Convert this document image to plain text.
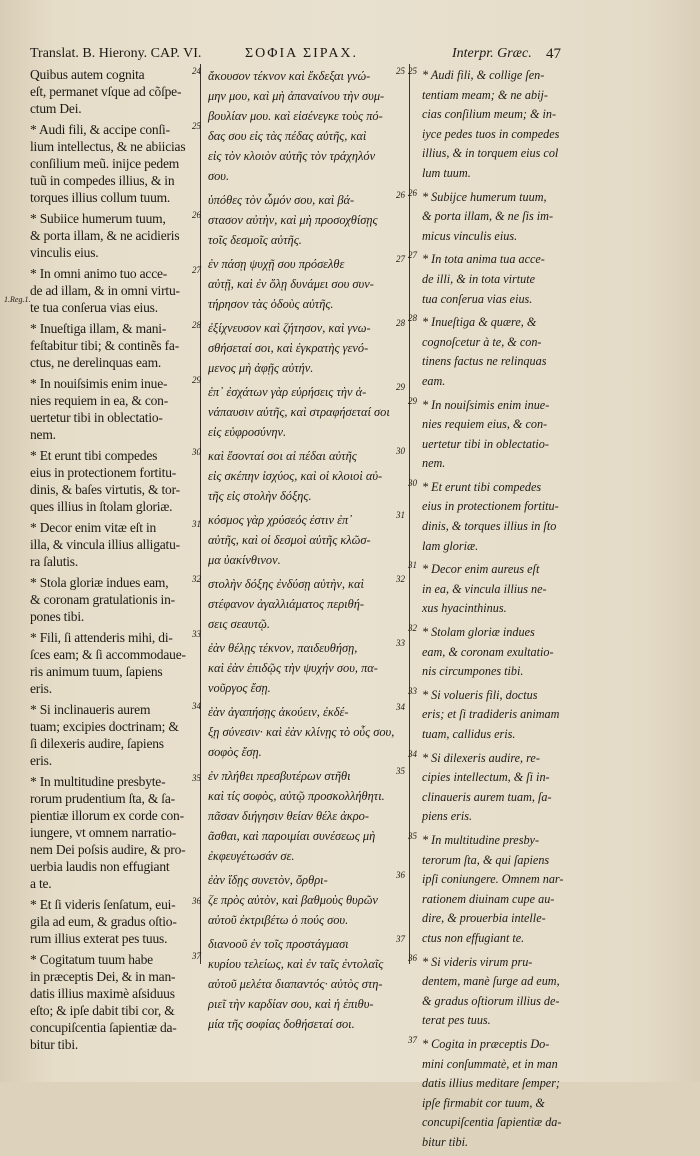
Translat. B. Hierony. CAP. VI.	ΣΟΦΙΑ ΣΙΡΑΧ.	Interpr. Græc. 47
1.Reg.1.
24
Quibus autem cognita
eſt, permanet vſque ad cõſpe-
ctum Dei.
25
* Audi fili, & accipe conſi-
lium intellectus, & ne abiicias
conſilium meũ. inijce pedem
tuũ in compedes illius, & in
torques illius collum tuum.
26
* Subiice humerum tuum,
& porta illam, & ne acidieris
vinculis eius.
27
* In omni animo tuo acce-
de ad illam, & in omni virtu-
te tua conſerua vias eius.
28
* Inueſtiga illam, & mani-
feſtabitur tibi; & continẽs fa-
ctus, ne derelinquas eam.
29
* In nouiſsimis enim inue-
nies requiem in ea, & con-
uertetur tibi in oblectatio-
nem.
30
* Et erunt tibi compedes
eius in protectionem fortitu-
dinis, & baſes virtutis, & tor-
ques illius in ſtolam gloriæ.
31
* Decor enim vitæ eſt in
illa, & vincula illius alligatu-
ra ſalutis.
32
* Stola gloriæ indues eam,
& coronam gratulationis in-
pones tibi.
33
* Fili, ſi attenderis mihi, di-
ſces eam; & ſi accommodaue-
ris animum tuum, ſapiens
eris.
34
* Si inclinaueris aurem
tuam; excipies doctrinam; &
ſi dilexeris audire, ſapiens
eris.
35
* In multitudine presbyte-
rorum prudentium ſta, & ſa-
pientiæ illorum ex corde con-
iungere, vt omnem narratio-
nem Dei poſsis audire, & pro-
uerbia laudis non effugiant
a te.
36
* Et ſi videris ſenſatum, eui-
gila ad eum, & gradus oſtio-
rum illius exterat pes tuus.
37
* Cogitatum tuum habe
in præceptis Dei, & in man-
datis illius maximè aſsiduus
eſto; & ipſe dabit tibi cor, &
concupiſcentia ſapientiæ da-
bitur tibi.
25
ἄκουσον τέκνον καὶ ἔκδεξαι γνώ-
μην μου, καὶ μὴ ἀπαναίνου τὴν συμ-
βουλίαν μου. καὶ εἰσένεγκε τοὺς πό-
δας σου εἰς τὰς πέδας αὐτῆς, καὶ
εἰς τὸν κλοιὸν αὐτῆς τὸν τράχηλόν
σου.
26
ὑπόθες τὸν ὦμόν σου, καὶ βά-
στασον αὐτὴν, καὶ μὴ προσοχθίσῃς
τοῖς δεσμοῖς αὐτῆς.
27
ἐν πάσῃ ψυχῇ σου πρόσελθε
αὐτῇ, καὶ ἐν ὅλῃ δυνάμει σου συν-
τήρησον τὰς ὁδοὺς αὐτῆς.
28
ἐξίχνευσον καὶ ζήτησον, καὶ γνω-
σθήσεταί σοι, καὶ ἐγκρατὴς γενό-
μενος μὴ ἀφῇς αὐτήν.
29
ἐπ᾽ ἐσχάτων γὰρ εὑρήσεις τὴν ἀ-
νάπαυσιν αὐτῆς, καὶ στραφήσεταί σοι
εἰς εὐφροσύνην.
30
καὶ ἔσονταί σοι αἱ πέδαι αὐτῆς
εἰς σκέπην ἰσχύος, καὶ οἱ κλοιοὶ αὐ-
τῆς εἰς στολὴν δόξης.
31
κόσμος γὰρ χρύσεός ἐστιν ἐπ᾽
αὐτῆς, καὶ οἱ δεσμοὶ αὐτῆς κλῶσ-
μα ὑακίνθινον.
32
στολὴν δόξης ἐνδύσῃ αὐτὴν, καὶ
στέφανον ἀγαλλιάματος περιθή-
σεις σεαυτῷ.
33
ἐὰν θέλῃς τέκνον, παιδευθήσῃ,
καὶ ἐὰν ἐπιδῷς τὴν ψυχήν σου, πα-
νοῦργος ἔσῃ.
34
ἐὰν ἀγαπήσῃς ἀκούειν, ἐκδέ-
ξῃ σύνεσιν· καὶ ἐὰν κλίνῃς τὸ οὖς σου,
σοφὸς ἔσῃ.
35
ἐν πλήθει πρεσβυτέρων στῆθι
καὶ τίς σοφὸς, αὐτῷ προσκολλήθητι.
πᾶσαν διήγησιν θείαν θέλε ἀκρο-
ᾶσθαι, καὶ παροιμίαι συνέσεως μὴ
ἐκφευγέτωσάν σε.
36
ἐὰν ἴδῃς συνετὸν, ὄρθρι-
ζε πρὸς αὐτὸν, καὶ βαθμοὺς θυρῶν
αὐτοῦ ἐκτριβέτω ὁ πούς σου.
37
διανοοῦ ἐν τοῖς προστάγμασι
κυρίου τελείως, καὶ ἐν ταῖς ἐντολαῖς
αὐτοῦ μελέτα διαπαντός· αὐτὸς στη-
ριεῖ τὴν καρδίαν σου, καὶ ἡ ἐπιθυ-
μία τῆς σοφίας δοθήσεταί σοι.
25 * Audi fili, & collige ſen-
tentiam meam; & ne abij-
cias conſilium meum; & in-
iyce pedes tuos in compedes
illius, & in torquem eius col
lum tuum.
26 * Subijce humerum tuum,
& porta illam, & ne ſis im-
micus vinculis eius.
27 * In tota anima tua acce-
de illi, & in tota virtute
tua conſerua vias eius.
28 * Inueſtiga & quære, &
cognoſcetur à te, & con-
tinens factus ne relinquas
eam.
29 * In nouiſsimis enim inue-
nies requiem eius, & con-
uertetur tibi in oblectatio-
nem.
30 * Et erunt tibi compedes
eius in protectionem fortitu-
dinis, & torques illius in ſto
lam gloriæ.
31 * Decor enim aureus eſt
in ea, & vincula illius ne-
xus hyacinthinus.
32 * Stolam gloriæ indues
eam, & coronam exultatio-
nis circumpones tibi.
33 * Si volueris fili, doctus
eris; et ſi tradideris animam
tuam, callidus eris.
34 * Si dilexeris audire, re-
cipies intellectum, & ſi in-
clinaueris aurem tuam, ſa-
piens eris.
35 * In multitudine presby-
terorum ſta, & qui ſapiens
ipſi coniungere. Omnem nar-
rationem diuinam cupe au-
dire, & prouerbia intelle-
ctus non effugiant te.
36 * Si videris virum pru-
dentem, manè ſurge ad eum,
& gradus oſtiorum illius de-
terat pes tuus.
37 * Cogita in præceptis Do-
mini conſummatè, et in man
datis illius meditare ſemper;
ipſe firmabit cor tuum, &
concupiſcentia ſapientiæ da-
bitur tibi.
